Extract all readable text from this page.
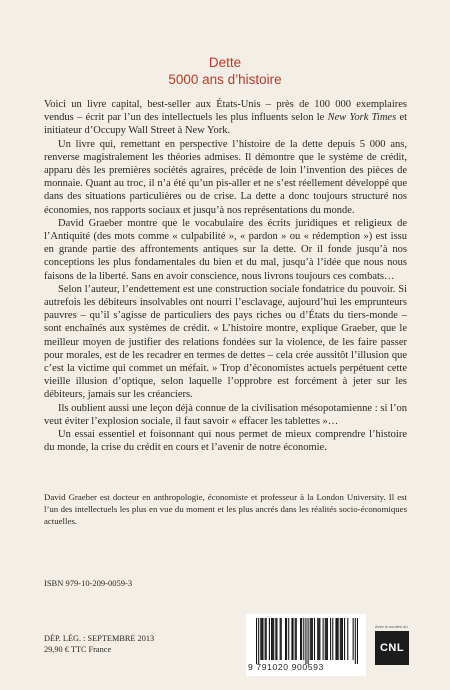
Dette
5000 ans d’histoire

Voici un livre capital, best-seller aux États-Unis – près de 100 000 exemplaires vendus – écrit par l’un des intellectuels les plus influents selon le New York Times et initiateur d’Occupy Wall Street à New York.

Un livre qui, remettant en perspective l’histoire de la dette depuis 5 000 ans, renverse magistralement les théories admises. Il démontre que le système de crédit, apparu dès les premières sociétés agraires, précède de loin l’invention des pièces de monnaie. Quant au troc, il n’a été qu’un pis-aller et ne s’est réellement développé que dans des situations particulières ou de crise. La dette a donc toujours structuré nos économies, nos rapports sociaux et jusqu’à nos représentations du monde.

David Graeber montre que le vocabulaire des écrits juridiques et religieux de l’Antiquité (des mots comme « culpabilité », « pardon » ou « rédemption ») est issu en grande partie des affrontements antiques sur la dette. Or il fonde jusqu’à nos conceptions les plus fondamentales du bien et du mal, jusqu’à l’idée que nous nous faisons de la liberté. Sans en avoir conscience, nous livrons toujours ces combats…

Selon l’auteur, l’endettement est une construction sociale fondatrice du pouvoir. Si autrefois les débiteurs insolvables ont nourri l’esclavage, aujourd’hui les emprunteurs pauvres – qu’il s’agisse de particuliers des pays riches ou d’États du tiers-monde – sont enchaînés aux systèmes de crédit. « L’histoire montre, explique Graeber, que le meilleur moyen de justifier des relations fondées sur la violence, de les faire passer pour morales, est de les recadrer en termes de dettes – cela crée aussitôt l’illusion que c’est la victime qui commet un méfait. » Trop d’économistes actuels perpétuent cette vieille illusion d’optique, selon laquelle l’opprobre est forcément à jeter sur les débiteurs, jamais sur les créanciers.

Ils oublient aussi une leçon déjà connue de la civilisation mésopotamienne : si l’on veut éviter l’explosion sociale, il faut savoir « effacer les tablettes »…

Un essai essentiel et foisonnant qui nous permet de mieux comprendre l’histoire du monde, la crise du crédit en cours et l’avenir de notre économie.

David Graeber est docteur en anthropologie, économiste et professeur à la London University. Il est l’un des intellectuels les plus en vue du moment et les plus ancrés dans les réalités socio-économiques actuelles.
ISBN 979-10-209-0059-3
DÉP. LÉG. : SEPTEMBRE 2013
29,90 € TTC France
9 791020 900593
Avec le soutien du
CNL
